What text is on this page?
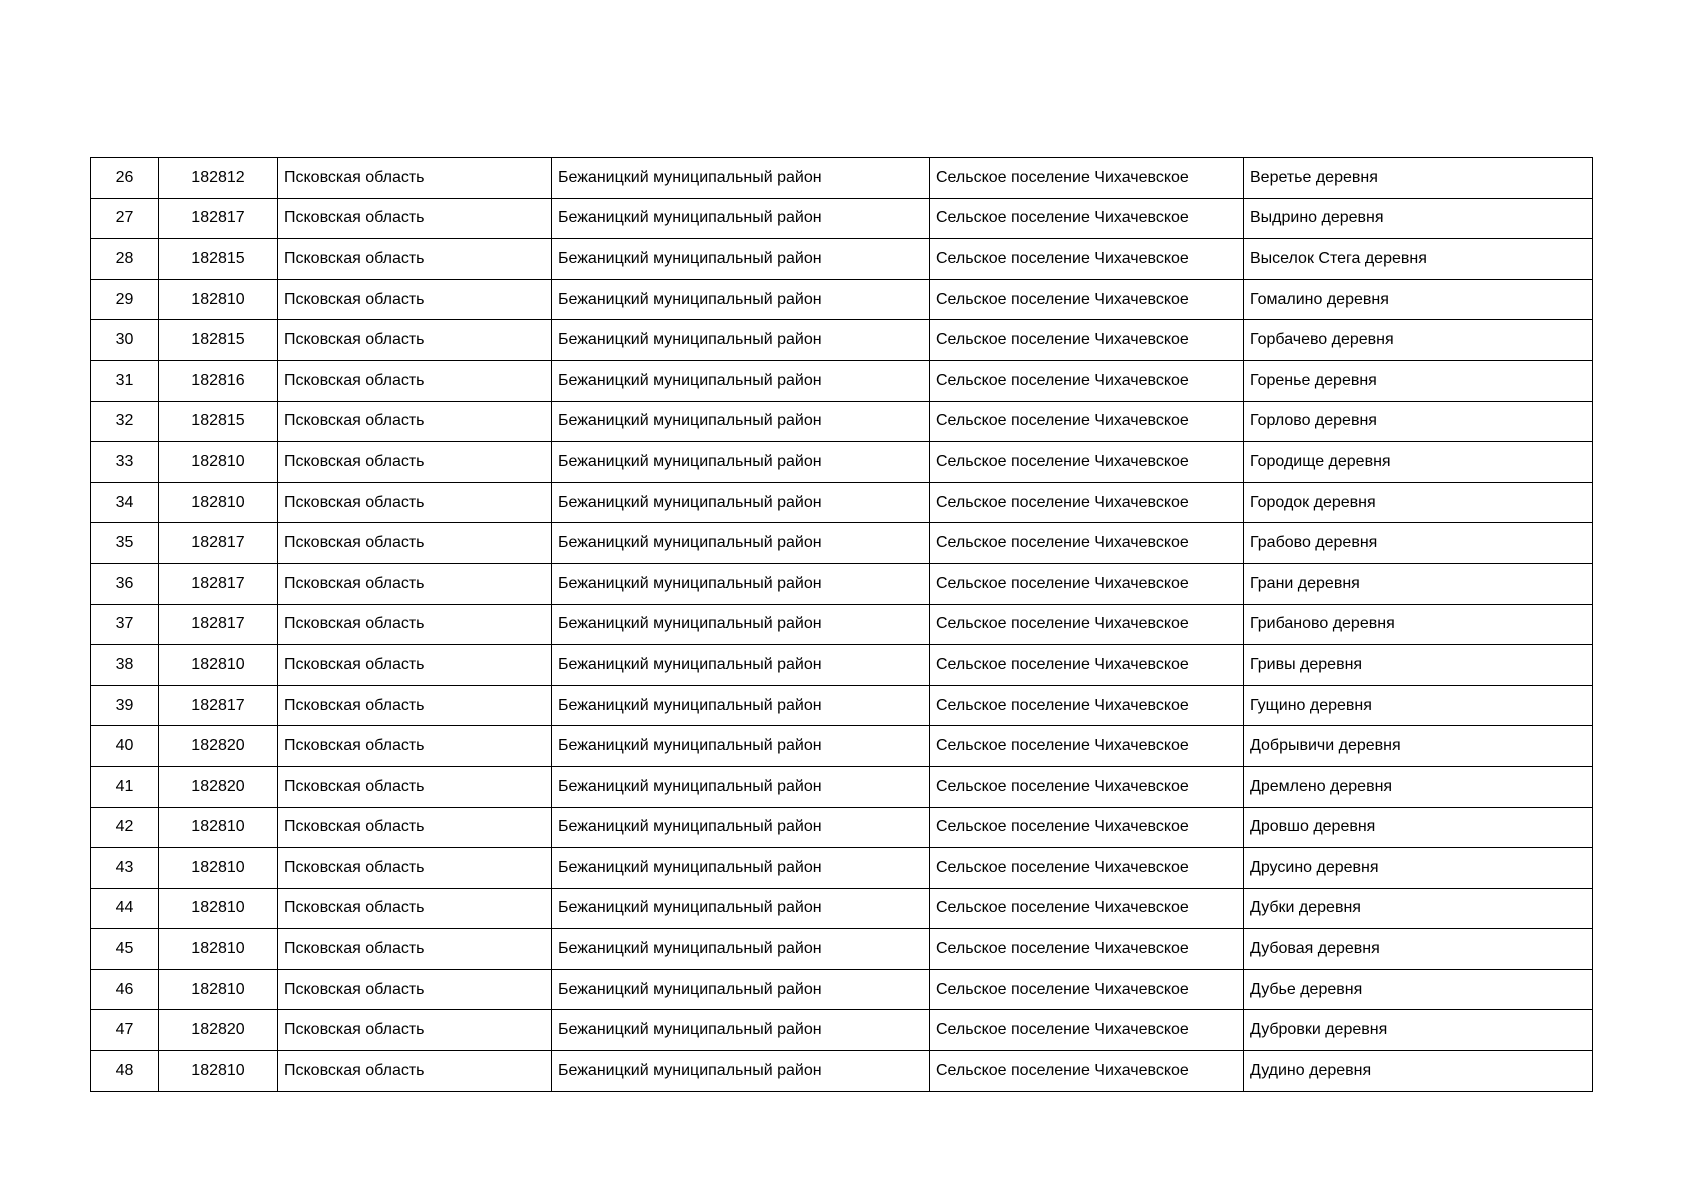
26	182812	Псковская область	Бежаницкий муниципальный район	Сельское поселение Чихачевское	Веретье деревня
27	182817	Псковская область	Бежаницкий муниципальный район	Сельское поселение Чихачевское	Выдрино деревня
28	182815	Псковская область	Бежаницкий муниципальный район	Сельское поселение Чихачевское	Выселок Стега деревня
29	182810	Псковская область	Бежаницкий муниципальный район	Сельское поселение Чихачевское	Гомалино деревня
30	182815	Псковская область	Бежаницкий муниципальный район	Сельское поселение Чихачевское	Горбачево деревня
31	182816	Псковская область	Бежаницкий муниципальный район	Сельское поселение Чихачевское	Горенье деревня
32	182815	Псковская область	Бежаницкий муниципальный район	Сельское поселение Чихачевское	Горлово деревня
33	182810	Псковская область	Бежаницкий муниципальный район	Сельское поселение Чихачевское	Городище деревня
34	182810	Псковская область	Бежаницкий муниципальный район	Сельское поселение Чихачевское	Городок деревня
35	182817	Псковская область	Бежаницкий муниципальный район	Сельское поселение Чихачевское	Грабово деревня
36	182817	Псковская область	Бежаницкий муниципальный район	Сельское поселение Чихачевское	Грани деревня
37	182817	Псковская область	Бежаницкий муниципальный район	Сельское поселение Чихачевское	Грибаново деревня
38	182810	Псковская область	Бежаницкий муниципальный район	Сельское поселение Чихачевское	Гривы деревня
39	182817	Псковская область	Бежаницкий муниципальный район	Сельское поселение Чихачевское	Гущино деревня
40	182820	Псковская область	Бежаницкий муниципальный район	Сельское поселение Чихачевское	Добрывичи деревня
41	182820	Псковская область	Бежаницкий муниципальный район	Сельское поселение Чихачевское	Дремлено деревня
42	182810	Псковская область	Бежаницкий муниципальный район	Сельское поселение Чихачевское	Дровшо деревня
43	182810	Псковская область	Бежаницкий муниципальный район	Сельское поселение Чихачевское	Друсино деревня
44	182810	Псковская область	Бежаницкий муниципальный район	Сельское поселение Чихачевское	Дубки деревня
45	182810	Псковская область	Бежаницкий муниципальный район	Сельское поселение Чихачевское	Дубовая деревня
46	182810	Псковская область	Бежаницкий муниципальный район	Сельское поселение Чихачевское	Дубье деревня
47	182820	Псковская область	Бежаницкий муниципальный район	Сельское поселение Чихачевское	Дубровки деревня
48	182810	Псковская область	Бежаницкий муниципальный район	Сельское поселение Чихачевское	Дудино деревня
